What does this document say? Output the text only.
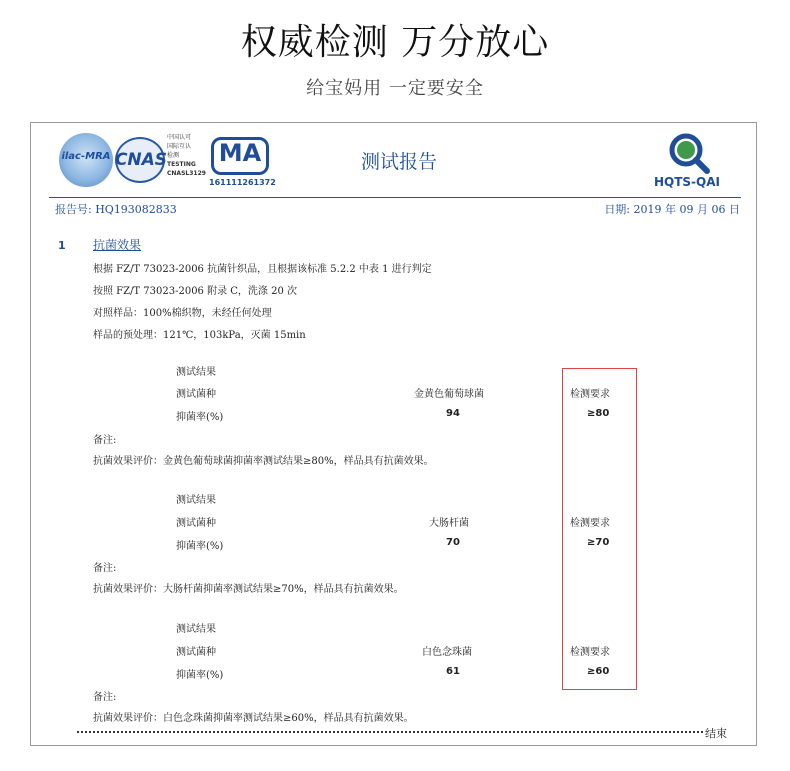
权威检测 万分放心
给宝妈用 一定要安全
ilac-MRA CNAS
中国认可
国际互认
检测
TESTING
CNASL3129
MA
161111261372
测试报告
HQTS-QAI
报告号: HQ193082833	日期: 2019 年 09 月 06 日
1 抗菌效果
根据 FZ/T 73023-2006 抗菌针织品，且根据该标准 5.2.2 中表 1 进行判定
按照 FZ/T 73023-2006 附录 C，洗涤 20 次
对照样品：100%棉织物，未经任何处理
样品的预处理：121℃，103kPa，灭菌 15min
测试结果
测试菌种	金黄色葡萄球菌	检测要求
抑菌率(%)	94	≥80
备注:
抗菌效果评价：金黄色葡萄球菌抑菌率测试结果≥80%，样品具有抗菌效果。
测试结果
测试菌种	大肠杆菌	检测要求
抑菌率(%)	70	≥70
备注:
抗菌效果评价：大肠杆菌抑菌率测试结果≥70%，样品具有抗菌效果。
测试结果
测试菌种	白色念珠菌	检测要求
抑菌率(%)	61	≥60
备注:
抗菌效果评价：白色念珠菌抑菌率测试结果≥60%，样品具有抗菌效果。
结束
